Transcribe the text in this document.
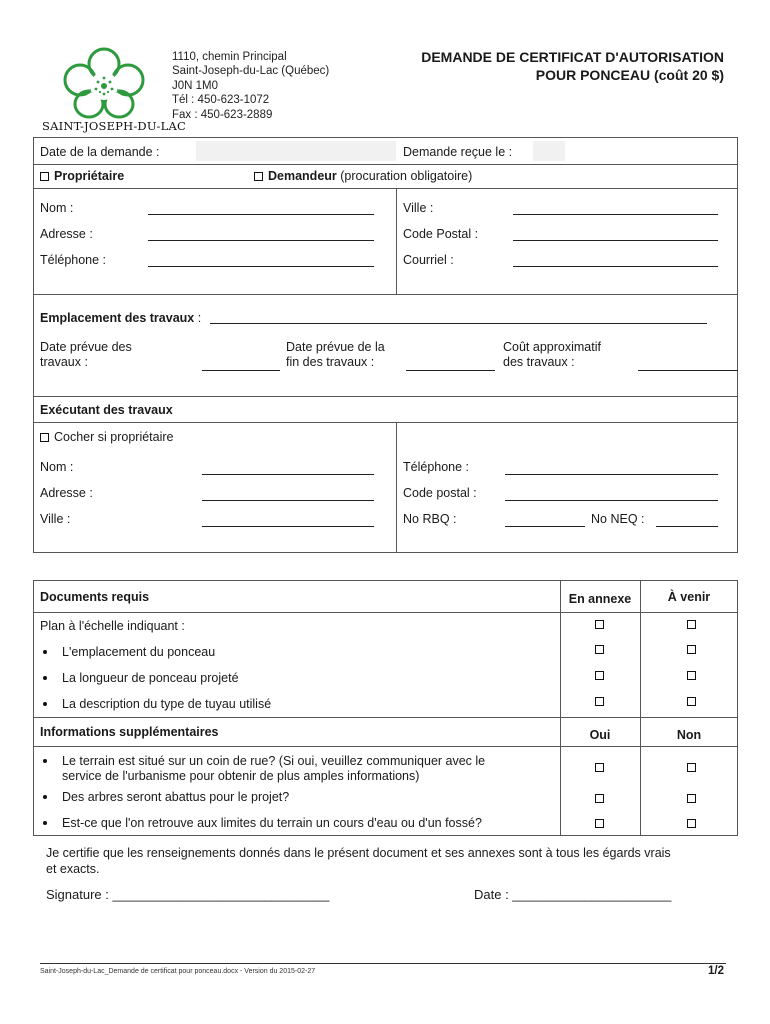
SAINT-JOSEPH-DU-LAC
1110, chemin Principal
Saint-Joseph-du-Lac (Québec)
J0N 1M0
Tél : 450-623-1072
Fax : 450-623-2889
DEMANDE DE CERTIFICAT D'AUTORISATION
POUR PONCEAU (coût 20 $)
Date de la demande :	Demande reçue le :
Propriétaire	Demandeur (procuration obligatoire)
Nom :
Adresse :
Téléphone :
Ville :
Code Postal :
Courriel :
Emplacement des travaux :
Date prévue des
travaux :
Date prévue de la
fin des travaux :
Coût approximatif
des travaux :
Exécutant des travaux
Cocher si propriétaire
Nom :
Adresse :
Ville :
Téléphone :
Code postal :
No RBQ :	No NEQ :
Documents requis	En annexe	À venir
Plan à l'échelle indiquant :
L'emplacement du ponceau
La longueur de ponceau projeté
La description du type de tuyau utilisé
Informations supplémentaires	Oui	Non
Le terrain est situé sur un coin de rue? (Si oui, veuillez communiquer avec le
service de l'urbanisme pour obtenir de plus amples informations)
Des arbres seront abattus pour le projet?
Est-ce que l'on retrouve aux limites du terrain un cours d'eau ou d'un fossé?
Je certifie que les renseignements donnés dans le présent document et ses annexes sont à tous les égards vrais
et exacts.
Signature : ______________________________	Date : ______________________
Saint-Joseph-du-Lac_Demande de certificat pour ponceau.docx - Version du 2015-02-27	1/2
